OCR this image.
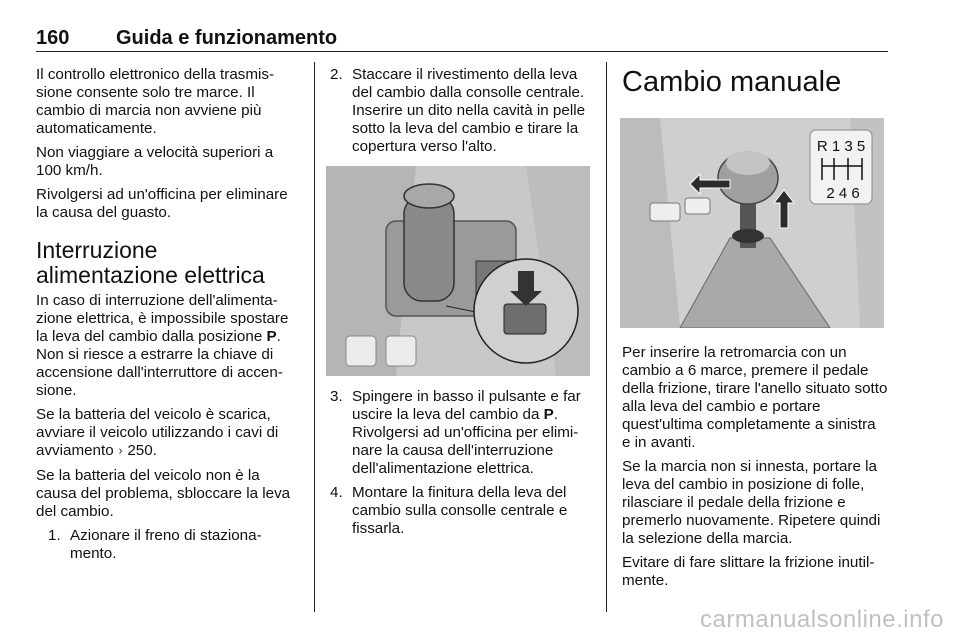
160 Guida e funzionamento

Il controllo elettronico della trasmissione consente solo tre marce. Il cambio di marcia non avviene più automaticamente.

Non viaggiare a velocità superiori a 100 km/h.

Rivolgersi ad un'officina per eliminare la causa del guasto.

Interruzione alimentazione elettrica

In caso di interruzione dell'alimentazione elettrica, è impossibile spostare la leva del cambio dalla posizione P. Non si riesce a estrarre la chiave di accensione dall'interruttore di accensione.

Se la batteria del veicolo è scarica, avviare il veicolo utilizzando i cavi di avviamento › 250.

Se la batteria del veicolo non è la causa del problema, sbloccare la leva del cambio.

1. Azionare il freno di stazionamento.
2. Staccare il rivestimento della leva del cambio dalla consolle centrale. Inserire un dito nella cavità in pelle sotto la leva del cambio e tirare la copertura verso l'alto.
3. Spingere in basso il pulsante e far uscire la leva del cambio da P. Rivolgersi ad un'officina per eliminare la causa dell'interruzione dell'alimentazione elettrica.
4. Montare la finitura della leva del cambio sulla consolle centrale e fissarla.
Cambio manuale
R 1 3 5
2 4 6

Per inserire la retromarcia con un cambio a 6 marce, premere il pedale della frizione, tirare l'anello situato sotto alla leva del cambio e portare quest'ultima completamente a sinistra e in avanti.

Se la marcia non si innesta, portare la leva del cambio in posizione di folle, rilasciare il pedale della frizione e premerlo nuovamente. Ripetere quindi la selezione della marcia.

Evitare di fare slittare la frizione inutilmente.

carmanualsonline.info
